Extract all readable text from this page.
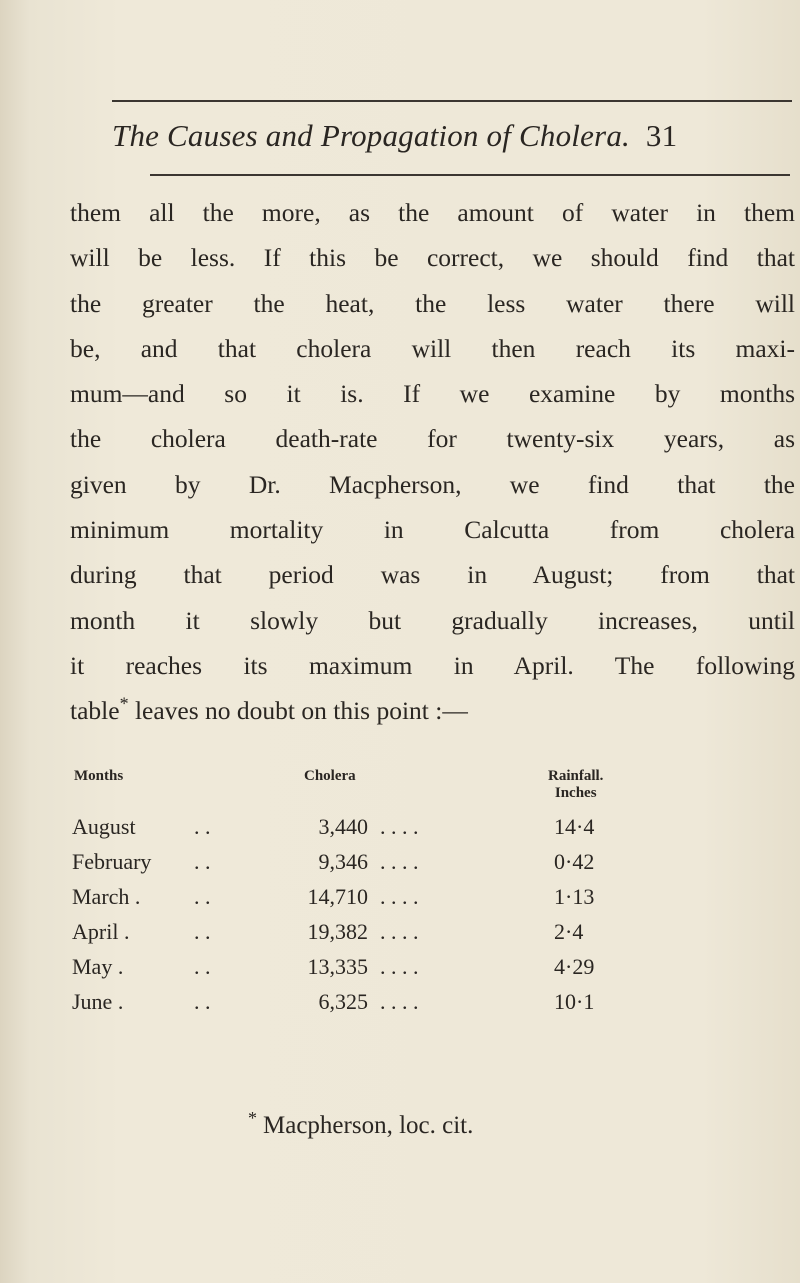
The Causes and Propagation of Cholera. 31
them all the more, as the amount of water in them
will be less. If this be correct, we should find that
the greater the heat, the less water there will
be, and that cholera will then reach its maxi-
mum—and so it is. If we examine by months
the cholera death-rate for twenty-six years, as
given by Dr. Macpherson, we find that the
minimum mortality in Calcutta from cholera
during that period was in August; from that
month it slowly but gradually increases, until
it reaches its maximum in April. The following
table* leaves no doubt on this point :—
Months	Cholera	Rainfall.
Inches
August	. .	3,440 . . . .	14·4
February . .	9,346 . . . .	0·42
March . . .	14,710 . . . .	1·13
April .	. .	19,382 . . . .	2·4
May .	. .	13,335 . . . .	4·29
June .	. .	6,325 . . . .	10·1
* Macpherson, loc. cit.
